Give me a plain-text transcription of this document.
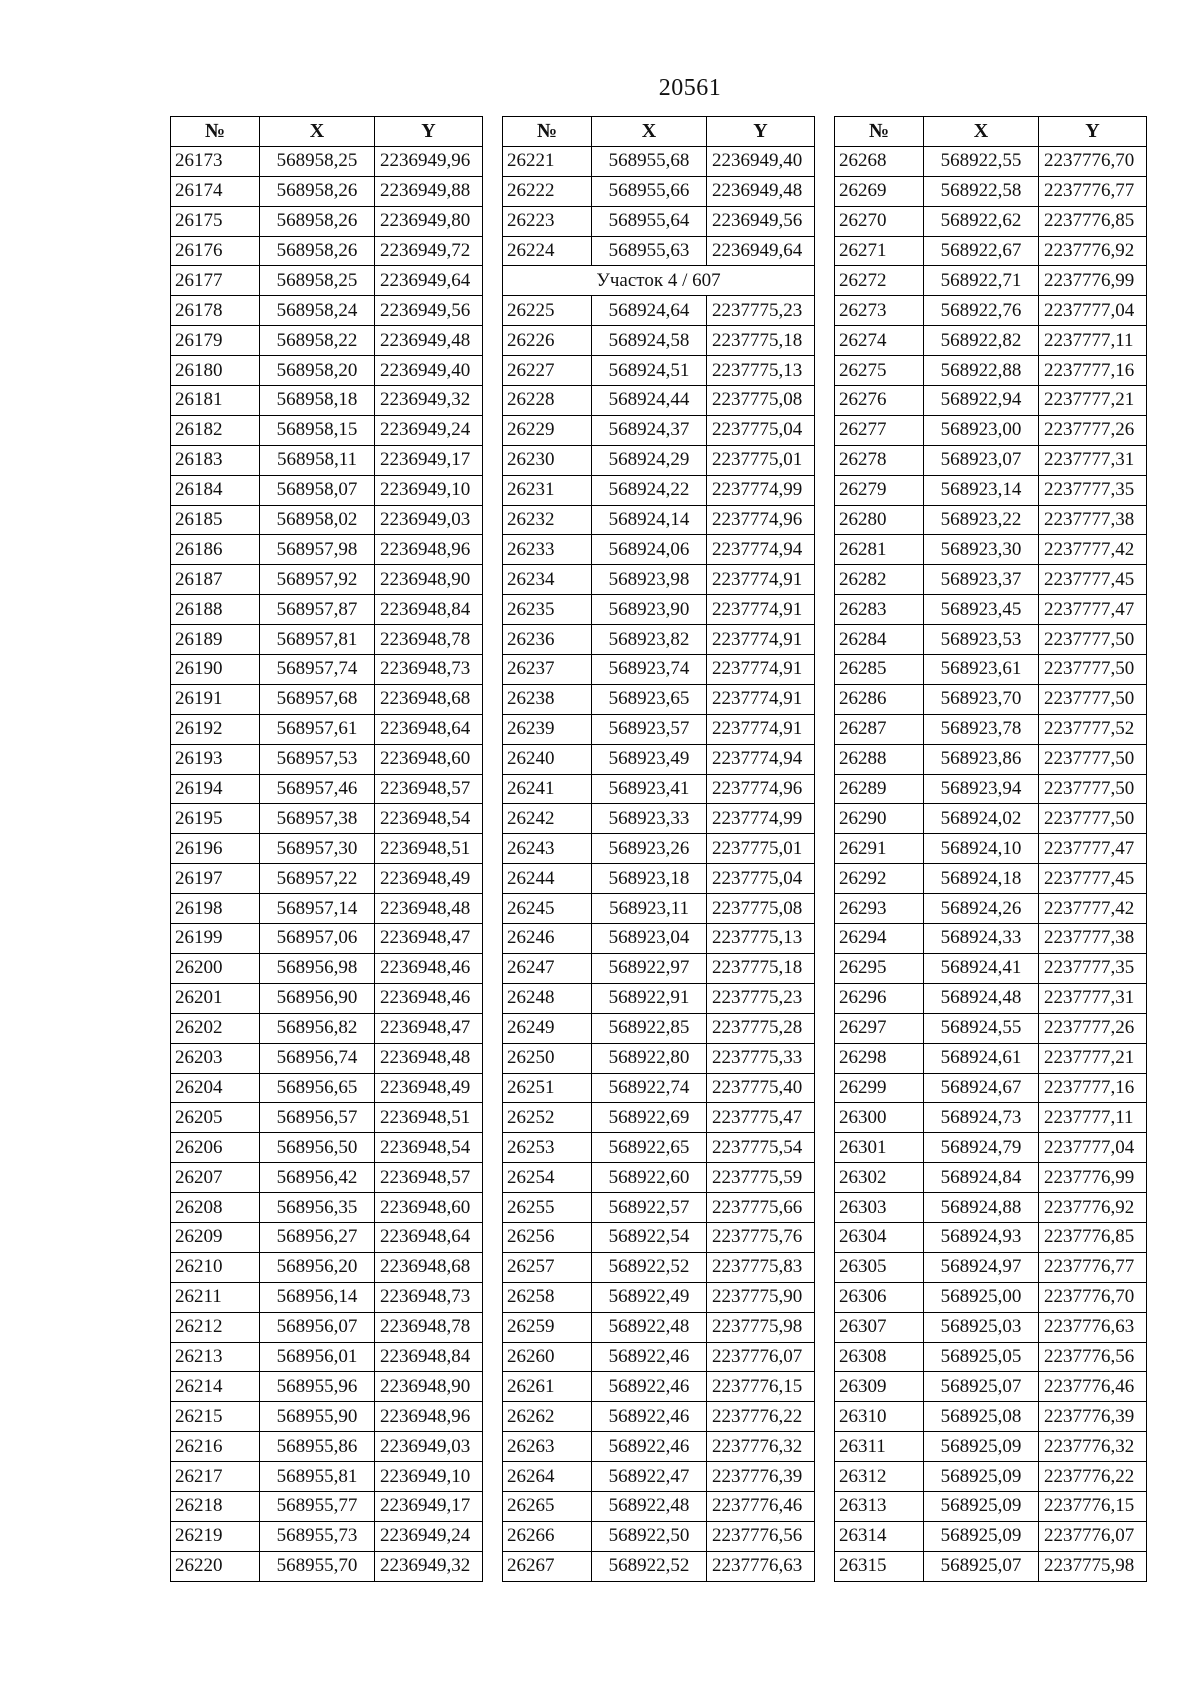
20561
№	X	Y
26173	568958,25	2236949,96
26174	568958,26	2236949,88
26175	568958,26	2236949,80
26176	568958,26	2236949,72
26177	568958,25	2236949,64
26178	568958,24	2236949,56
26179	568958,22	2236949,48
26180	568958,20	2236949,40
26181	568958,18	2236949,32
26182	568958,15	2236949,24
26183	568958,11	2236949,17
26184	568958,07	2236949,10
26185	568958,02	2236949,03
26186	568957,98	2236948,96
26187	568957,92	2236948,90
26188	568957,87	2236948,84
26189	568957,81	2236948,78
26190	568957,74	2236948,73
26191	568957,68	2236948,68
26192	568957,61	2236948,64
26193	568957,53	2236948,60
26194	568957,46	2236948,57
26195	568957,38	2236948,54
26196	568957,30	2236948,51
26197	568957,22	2236948,49
26198	568957,14	2236948,48
26199	568957,06	2236948,47
26200	568956,98	2236948,46
26201	568956,90	2236948,46
26202	568956,82	2236948,47
26203	568956,74	2236948,48
26204	568956,65	2236948,49
26205	568956,57	2236948,51
26206	568956,50	2236948,54
26207	568956,42	2236948,57
26208	568956,35	2236948,60
26209	568956,27	2236948,64
26210	568956,20	2236948,68
26211	568956,14	2236948,73
26212	568956,07	2236948,78
26213	568956,01	2236948,84
26214	568955,96	2236948,90
26215	568955,90	2236948,96
26216	568955,86	2236949,03
26217	568955,81	2236949,10
26218	568955,77	2236949,17
26219	568955,73	2236949,24
26220	568955,70	2236949,32
№	X	Y
26221	568955,68	2236949,40
26222	568955,66	2236949,48
26223	568955,64	2236949,56
26224	568955,63	2236949,64
Участок 4 / 607		
26225	568924,64	2237775,23
26226	568924,58	2237775,18
26227	568924,51	2237775,13
26228	568924,44	2237775,08
26229	568924,37	2237775,04
26230	568924,29	2237775,01
26231	568924,22	2237774,99
26232	568924,14	2237774,96
26233	568924,06	2237774,94
26234	568923,98	2237774,91
26235	568923,90	2237774,91
26236	568923,82	2237774,91
26237	568923,74	2237774,91
26238	568923,65	2237774,91
26239	568923,57	2237774,91
26240	568923,49	2237774,94
26241	568923,41	2237774,96
26242	568923,33	2237774,99
26243	568923,26	2237775,01
26244	568923,18	2237775,04
26245	568923,11	2237775,08
26246	568923,04	2237775,13
26247	568922,97	2237775,18
26248	568922,91	2237775,23
26249	568922,85	2237775,28
26250	568922,80	2237775,33
26251	568922,74	2237775,40
26252	568922,69	2237775,47
26253	568922,65	2237775,54
26254	568922,60	2237775,59
26255	568922,57	2237775,66
26256	568922,54	2237775,76
26257	568922,52	2237775,83
26258	568922,49	2237775,90
26259	568922,48	2237775,98
26260	568922,46	2237776,07
26261	568922,46	2237776,15
26262	568922,46	2237776,22
26263	568922,46	2237776,32
26264	568922,47	2237776,39
26265	568922,48	2237776,46
26266	568922,50	2237776,56
26267	568922,52	2237776,63
№	X	Y
26268	568922,55	2237776,70
26269	568922,58	2237776,77
26270	568922,62	2237776,85
26271	568922,67	2237776,92
26272	568922,71	2237776,99
26273	568922,76	2237777,04
26274	568922,82	2237777,11
26275	568922,88	2237777,16
26276	568922,94	2237777,21
26277	568923,00	2237777,26
26278	568923,07	2237777,31
26279	568923,14	2237777,35
26280	568923,22	2237777,38
26281	568923,30	2237777,42
26282	568923,37	2237777,45
26283	568923,45	2237777,47
26284	568923,53	2237777,50
26285	568923,61	2237777,50
26286	568923,70	2237777,50
26287	568923,78	2237777,52
26288	568923,86	2237777,50
26289	568923,94	2237777,50
26290	568924,02	2237777,50
26291	568924,10	2237777,47
26292	568924,18	2237777,45
26293	568924,26	2237777,42
26294	568924,33	2237777,38
26295	568924,41	2237777,35
26296	568924,48	2237777,31
26297	568924,55	2237777,26
26298	568924,61	2237777,21
26299	568924,67	2237777,16
26300	568924,73	2237777,11
26301	568924,79	2237777,04
26302	568924,84	2237776,99
26303	568924,88	2237776,92
26304	568924,93	2237776,85
26305	568924,97	2237776,77
26306	568925,00	2237776,70
26307	568925,03	2237776,63
26308	568925,05	2237776,56
26309	568925,07	2237776,46
26310	568925,08	2237776,39
26311	568925,09	2237776,32
26312	568925,09	2237776,22
26313	568925,09	2237776,15
26314	568925,09	2237776,07
26315	568925,07	2237775,98
